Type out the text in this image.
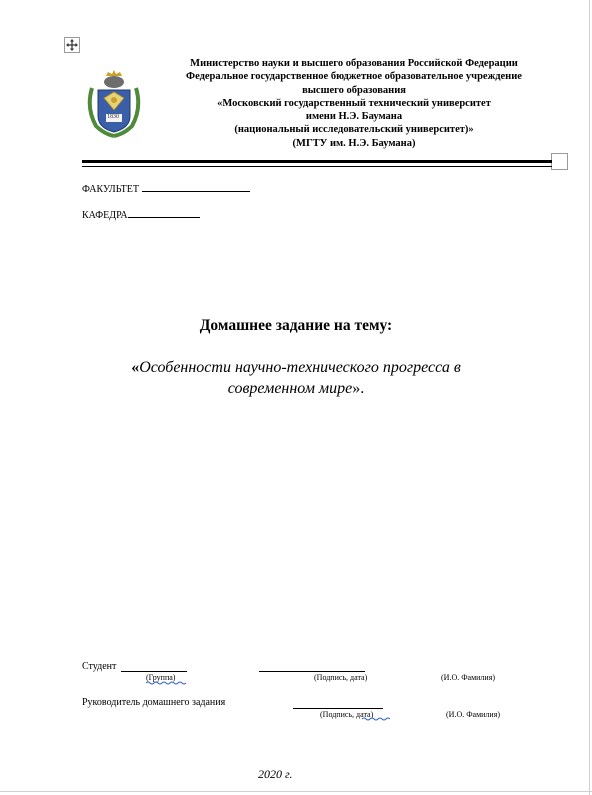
1830
Министерство науки и высшего образования Российской Федерации
Федеральное государственное бюджетное образовательное учреждение
высшего образования
«Московский государственный технический университет
имени Н.Э. Баумана
(национальный исследовательский университет)»
(МГТУ им. Н.Э. Баумана)
ФАКУЛЬТЕТ
КАФЕДРА
Домашнее задание на тему:
«Особенности научно-технического прогресса в
современном мире».
Студент
(Группа)	(Подпись, дата)	(И.О. Фамилия)
Руководитель домашнего задания
(Подпись, дата)	(И.О. Фамилия)
2020 г.
